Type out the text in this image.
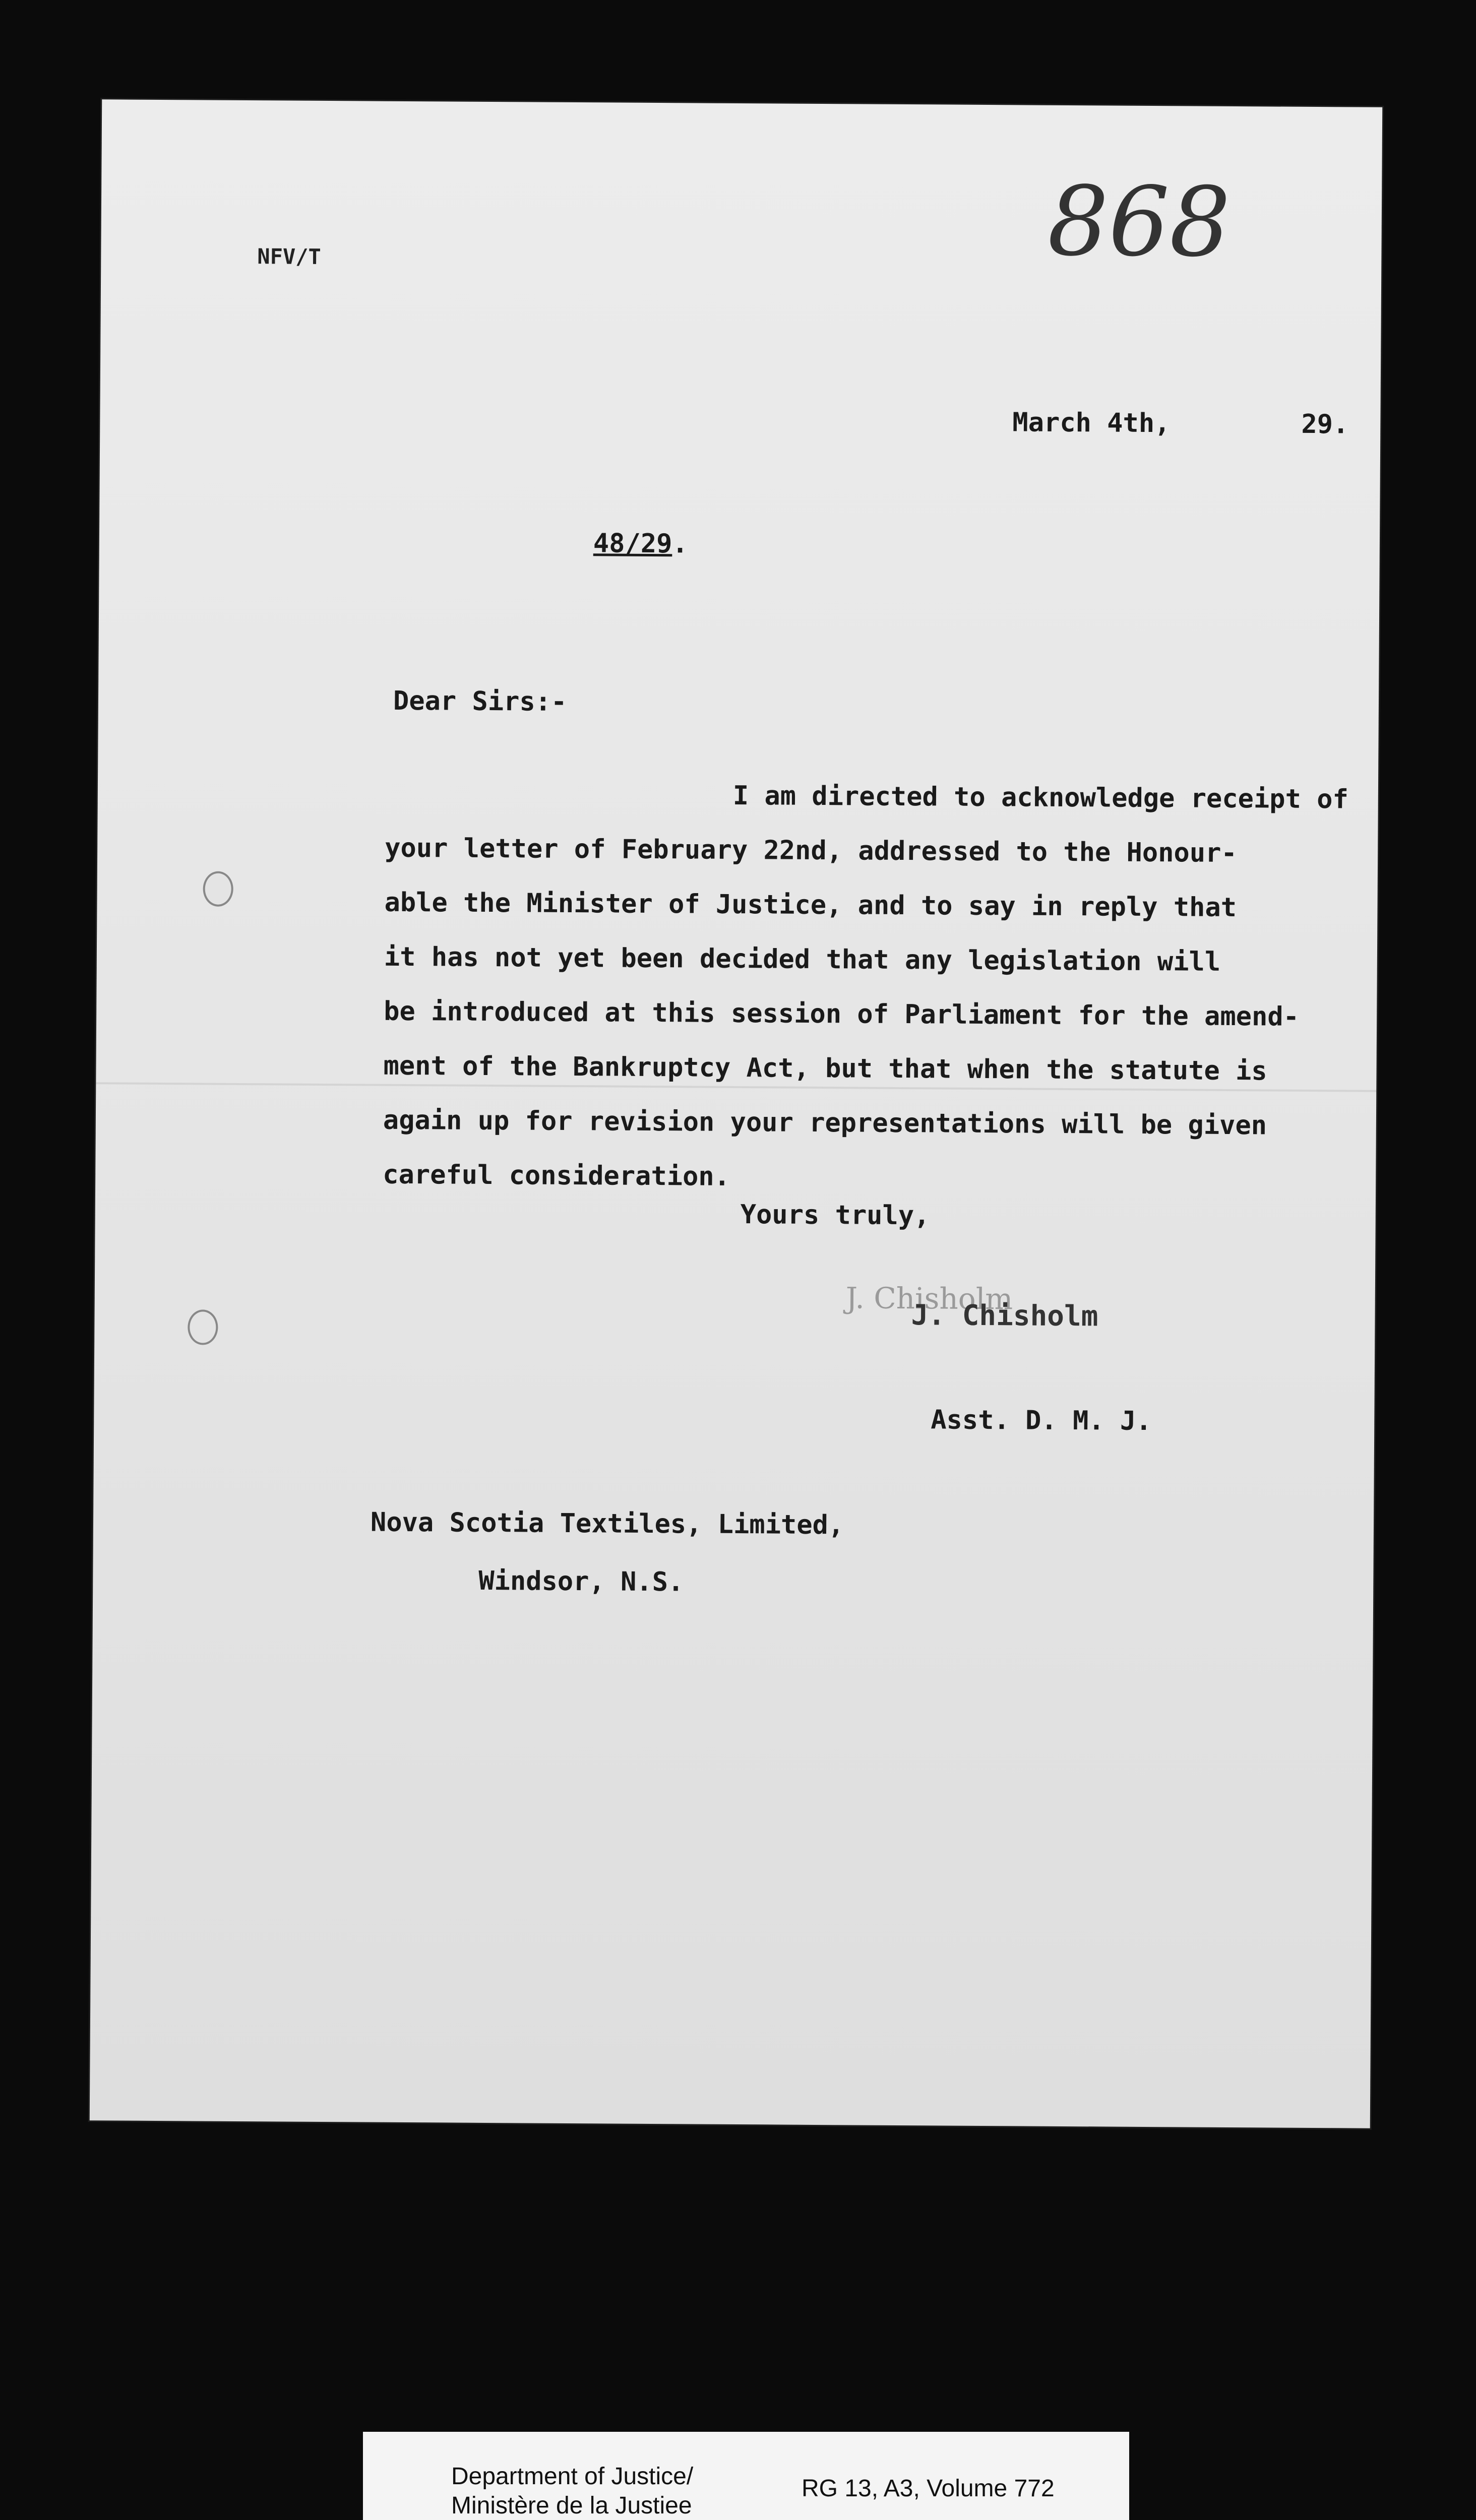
NFV/T	868
March 4th,	29.
48/29.
Dear Sirs:-
I am directed to acknowledge receipt of
your letter of February 22nd, addressed to the Honour-
able the Minister of Justice, and to say in reply that
it has not yet been decided that any legislation will
be introduced at this session of Parliament for the amend-
ment of the Bankruptcy Act, but that when the statute is
again up for revision your representations will be given
careful consideration.
Yours truly,
J. Chisholm
J. Chisholm
Asst. D. M. J.
Nova Scotia Textiles, Limited,
Windsor, N.S.
Department of Justice/
Ministère de la Justiee
RG 13, A3, Volume 772
